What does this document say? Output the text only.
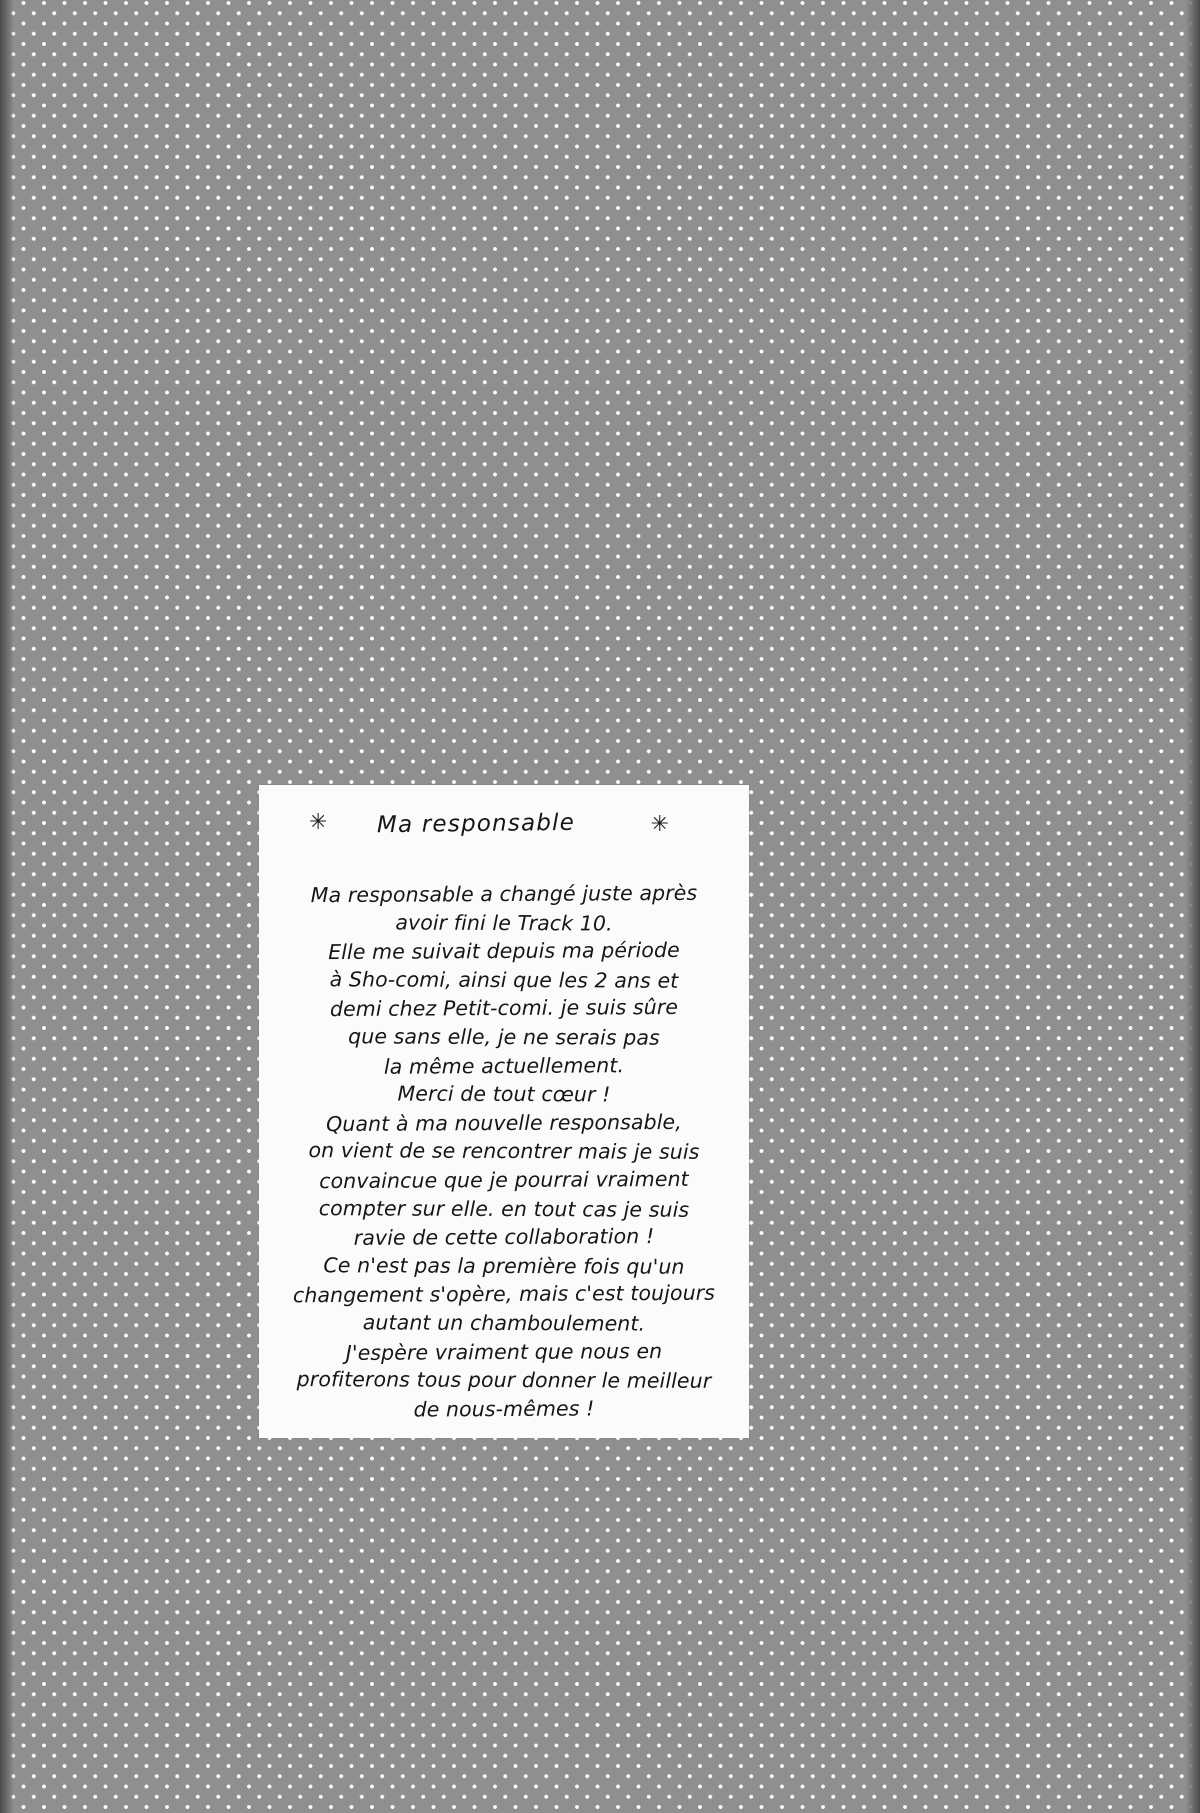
✳	✳
Ma responsable

Ma responsable a changé juste après

avoir fini le Track 10.

Elle me suivait depuis ma période

à Sho-comi, ainsi que les 2 ans et

demi chez Petit-comi. je suis sûre

que sans elle, je ne serais pas

la même actuellement.

Merci de tout cœur !

Quant à ma nouvelle responsable,

on vient de se rencontrer mais je suis

convaincue que je pourrai vraiment

compter sur elle. en tout cas je suis

ravie de cette collaboration !

Ce n'est pas la première fois qu'un

changement s'opère, mais c'est toujours

autant un chamboulement.

J'espère vraiment que nous en

profiterons tous pour donner le meilleur

de nous-mêmes !
